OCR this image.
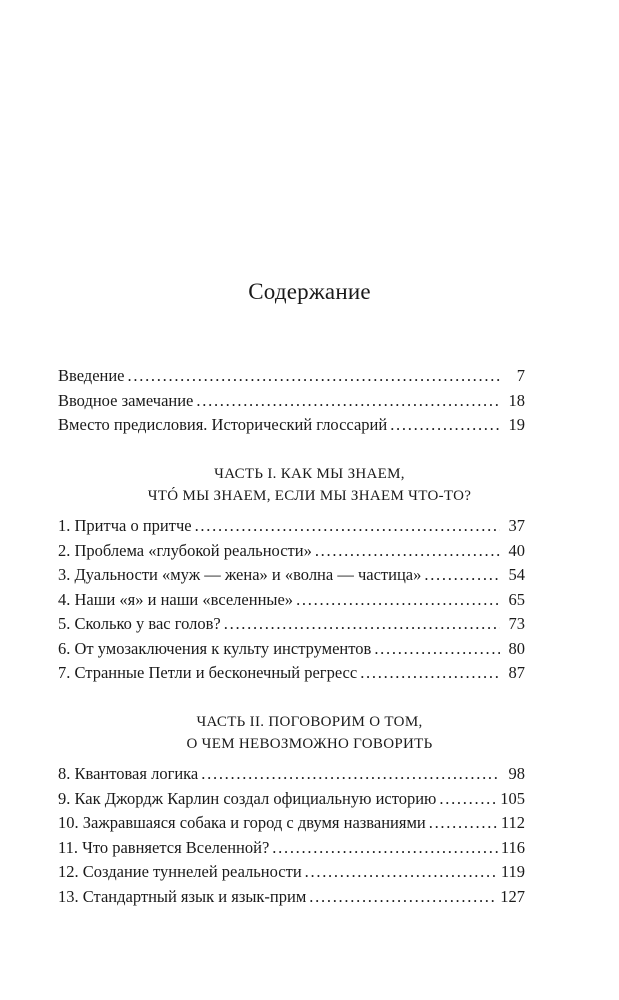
Содержание
Введение . . .	7
Вводное замечание . . .	18
Вместо предисловия. Исторический глоссарий . . .	19
ЧАСТЬ I. КАК МЫ ЗНАЕМ,
ЧТÓ МЫ ЗНАЕМ, ЕСЛИ МЫ ЗНАЕМ ЧТО-ТО?
1. Притча о притче . . .	37
2. Проблема «глубокой реальности» . . .	40
3. Дуальности «муж — жена» и «волна — частица» . . .	54
4. Наши «я» и наши «вселенные» . . .	65
5. Сколько у вас голов? . . .	73
6. От умозаключения к культу инструментов . . .	80
7. Странные Петли и бесконечный регресс . . .	87
ЧАСТЬ II. ПОГОВОРИМ О ТОМ,
О ЧЕМ НЕВОЗМОЖНО ГОВОРИТЬ
8. Квантовая логика . . .	98
9. Как Джордж Карлин создал официальную историю . . .	105
10. Зажравшаяся собака и город с двумя названиями . . .	112
11. Что равняется Вселенной? . . .	116
12. Создание туннелей реальности . . .	119
13. Стандартный язык и язык-прим . . .	127
